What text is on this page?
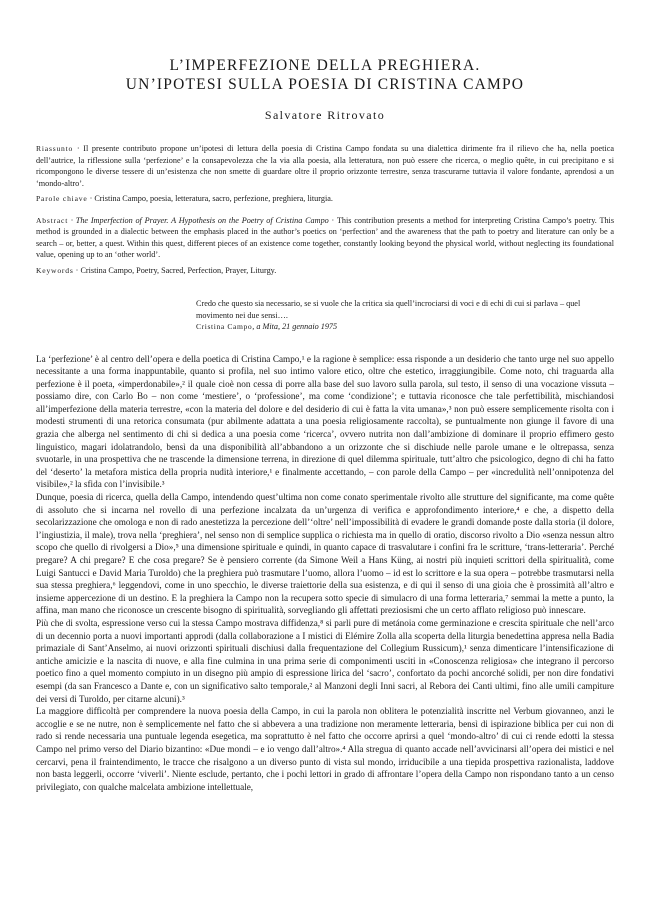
L’IMPERFEZIONE DELLA PREGHIERA.
UN’IPOTESI SULLA POESIA DI CRISTINA CAMPO
Salvatore Ritrovato

Riassunto · Il presente contributo propone un’ipotesi di lettura della poesia di Cristina Campo fondata su una dialettica dirimente fra il rilievo che ha, nella poetica dell’autrice, la riflessione sulla ‘perfezione’ e la consapevolezza che la via alla poesia, alla letteratura, non può essere che ricerca, o meglio quête, in cui precipitano e si ricompongono le diverse tessere di un’esistenza che non smette di guardare oltre il proprio orizzonte terrestre, senza trascurarne tuttavia il valore fondante, aprendosi a un ‘mondo-altro’.

Parole chiave · Cristina Campo, poesia, letteratura, sacro, perfezione, preghiera, liturgia.

Abstract · The Imperfection of Prayer. A Hypothesis on the Poetry of Cristina Campo · This contribution presents a method for interpreting Cristina Campo’s poetry. This method is grounded in a dialectic between the emphasis placed in the author’s poetics on ‘perfection’ and the awareness that the path to poetry and literature can only be a search – or, better, a quest. Within this quest, different pieces of an existence come together, constantly looking beyond the physical world, without neglecting its foundational value, opening up to an ‘other world’.

Keywords · Cristina Campo, Poetry, Sacred, Perfection, Prayer, Liturgy.

Credo che questo sia necessario, se si vuole che la critica sia quell’incrociarsi di voci e di echi di cui si parlava – quel movimento nei due sensi….
Cristina Campo, a Mita, 21 gennaio 1975

La ‘perfezione’ è al centro dell’opera e della poetica di Cristina Campo,¹ e la ragione è semplice: essa risponde a un desiderio che tanto urge nel suo appello necessitante a una forma inappuntabile, quanto si profila, nel suo intimo valore etico, oltre che estetico, irraggiungibile. Come noto, chi traguarda alla perfezione è il poeta, «imperdonabile»,² il quale cioè non cessa di porre alla base del suo lavoro sulla parola, sul testo, il senso di una vocazione vissuta – possiamo dire, con Carlo Bo – non come ‘mestiere’, o ‘professione’, ma come ‘condizione’; e tuttavia riconosce che tale perfettibilità, mischiandosi all’imperfezione della materia terrestre, «con la materia del dolore e del desiderio di cui è fatta la vita umana»,³ non può essere semplicemente risolta con i modesti strumenti di una retorica consumata (pur abilmente adattata a una poesia religiosamente raccolta), se puntualmente non giunge il favore di una grazia che alberga nel sentimento di chi si dedica a una poesia come ‘ricerca’, ovvero nutrita non dall’ambizione di dominare il proprio effimero gesto linguistico, magari idolatrandolo, bensì da una disponibilità all’abbandono a un orizzonte che si dischiude nelle parole umane e le oltrepassa, senza svuotarle, in una prospettiva che ne trascende la dimensione terrena, in direzione di quel dilemma spirituale, tutt’altro che psicologico, degno di chi ha fatto del ‘deserto’ la metafora mistica della propria nudità interiore,¹ e finalmente accettando, – con parole della Campo – per «incredulità nell’onnipotenza del visibile»,² la sfida con l’invisibile.³

Dunque, poesia di ricerca, quella della Campo, intendendo quest’ultima non come conato sperimentale rivolto alle strutture del significante, ma come quête di assoluto che si incarna nel rovello di una perfezione incalzata da un’urgenza di verifica e approfondimento interiore,⁴ e che, a dispetto della secolarizzazione che omologa e non di rado anestetizza la percezione dell’‘oltre’ nell’impossibilità di evadere le grandi domande poste dalla storia (il dolore, l’ingiustizia, il male), trova nella ‘preghiera’, nel senso non di semplice supplica o richiesta ma in quello di oratio, discorso rivolto a Dio «senza nessun altro scopo che quello di rivolgersi a Dio»,⁵ una dimensione spirituale e quindi, in quanto capace di trasvalutare i confini fra le scritture, ‘trans-letteraria’. Perché pregare? A chi pregare? E che cosa pregare? Se è pensiero corrente (da Simone Weil a Hans Küng, ai nostri più inquieti scrittori della spiritualità, come Luigi Santucci e David Maria Turoldo) che la preghiera può trasmutare l’uomo, allora l’uomo – id est lo scrittore e la sua opera – potrebbe trasmutarsi nella sua stessa preghiera,⁶ leggendovi, come in uno specchio, le diverse traiettorie della sua esistenza, e di qui il senso di una gioia che è prossimità all’altro e insieme appercezione di un destino. E la preghiera la Campo non la recupera sotto specie di simulacro di una forma letteraria,⁷ semmai la mette a punto, la affina, man mano che riconosce un crescente bisogno di spiritualità, sorvegliando gli affettati preziosismi che un certo afflato religioso può innescare.

Più che di svolta, espressione verso cui la stessa Campo mostrava diffidenza,⁸ si parli pure di metánoia come germinazione e crescita spirituale che nell’arco di un decennio porta a nuovi importanti approdi (dalla collaborazione a I mistici di Elémire Zolla alla scoperta della liturgia benedettina appresa nella Badia primaziale di Sant’Anselmo, ai nuovi orizzonti spirituali dischiusi dalla frequentazione del Collegium Russicum),¹ senza dimenticare l’intensificazione di antiche amicizie e la nascita di nuove, e alla fine culmina in una prima serie di componimenti usciti in «Conoscenza religiosa» che integrano il percorso poetico fino a quel momento compiuto in un disegno più ampio di espressione lirica del ‘sacro’, confortato da pochi ancorché solidi, per non dire fondativi esempi (da san Francesco a Dante e, con un significativo salto temporale,² al Manzoni degli Inni sacri, al Rebora dei Canti ultimi, fino alle umili campiture dei versi di Turoldo, per citarne alcuni).³

La maggiore difficoltà per comprendere la nuova poesia della Campo, in cui la parola non oblitera le potenzialità inscritte nel Verbum giovanneo, anzi le accoglie e se ne nutre, non è semplicemente nel fatto che si abbevera a una tradizione non meramente letteraria, bensì di ispirazione biblica per cui non di rado si rende necessaria una puntuale legenda esegetica, ma soprattutto è nel fatto che occorre aprirsi a quel ‘mondo-altro’ di cui ci rende edotti la stessa Campo nel primo verso del Diario bizantino: «Due mondi – e io vengo dall’altro».⁴ Alla stregua di quanto accade nell’avvicinarsi all’opera dei mistici e nel cercarvi, pena il fraintendimento, le tracce che risalgono a un diverso punto di vista sul mondo, irriducibile a una tiepida prospettiva razionalista, laddove non basta leggerli, occorre ‘viverli’. Niente esclude, pertanto, che i pochi lettori in grado di affrontare l’opera della Campo non rispondano tanto a un censo privilegiato, con qualche malcelata ambizione intellettuale,
